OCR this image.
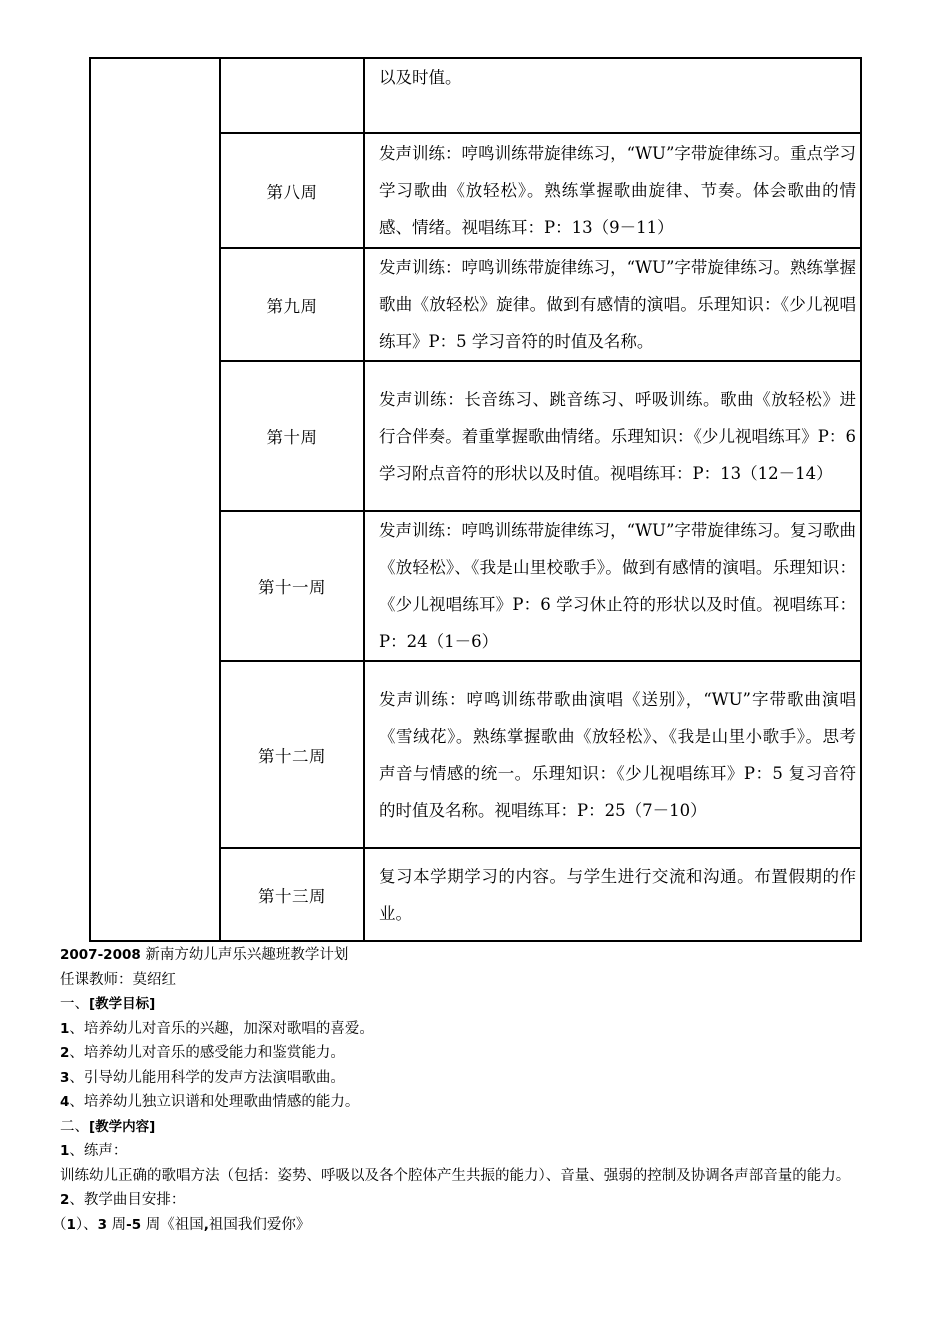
		以及时值。
	第八周	发声训练：哼鸣训练带旋律练习，“WU”字带旋律练习。重点学习学习歌曲《放轻松》。熟练掌握歌曲旋律、节奏。体会歌曲的情感、情绪。视唱练耳：P：13（9－11）
	第九周	发声训练：哼鸣训练带旋律练习，“WU”字带旋律练习。熟练掌握歌曲《放轻松》旋律。做到有感情的演唱。乐理知识：《少儿视唱练耳》P：5 学习音符的时值及名称。
	第十周	发声训练：长音练习、跳音练习、呼吸训练。歌曲《放轻松》进行合伴奏。着重掌握歌曲情绪。乐理知识：《少儿视唱练耳》P：6 学习附点音符的形状以及时值。视唱练耳：P：13（12－14）
	第十一周	发声训练：哼鸣训练带旋律练习，“WU”字带旋律练习。复习歌曲《放轻松》、《我是山里校歌手》。做到有感情的演唱。乐理知识：《少儿视唱练耳》P：6 学习休止符的形状以及时值。视唱练耳：P：24（1－6）
	第十二周	发声训练：哼鸣训练带歌曲演唱《送别》，“WU”字带歌曲演唱《雪绒花》。熟练掌握歌曲《放轻松》、《我是山里小歌手》。思考声音与情感的统一。乐理知识：《少儿视唱练耳》P：5 复习音符的时值及名称。视唱练耳：P：25（7－10）
	第十三周	复习本学期学习的内容。与学生进行交流和沟通。布置假期的作业。

2007-2008 新南方幼儿声乐兴趣班教学计划

任课教师：莫绍红

一、[教学目标]

1、培养幼儿对音乐的兴趣，加深对歌唱的喜爱。

2、培养幼儿对音乐的感受能力和鉴赏能力。

3、引导幼儿能用科学的发声方法演唱歌曲。

4、培养幼儿独立识谱和处理歌曲情感的能力。

二、[教学内容]

1、练声：

训练幼儿正确的歌唱方法（包括：姿势、呼吸以及各个腔体产生共振的能力）、音量、强弱的控制及协调各声部音量的能力。

2、教学曲目安排：

（1）、3 周-5 周《祖国,祖国我们爱你》
